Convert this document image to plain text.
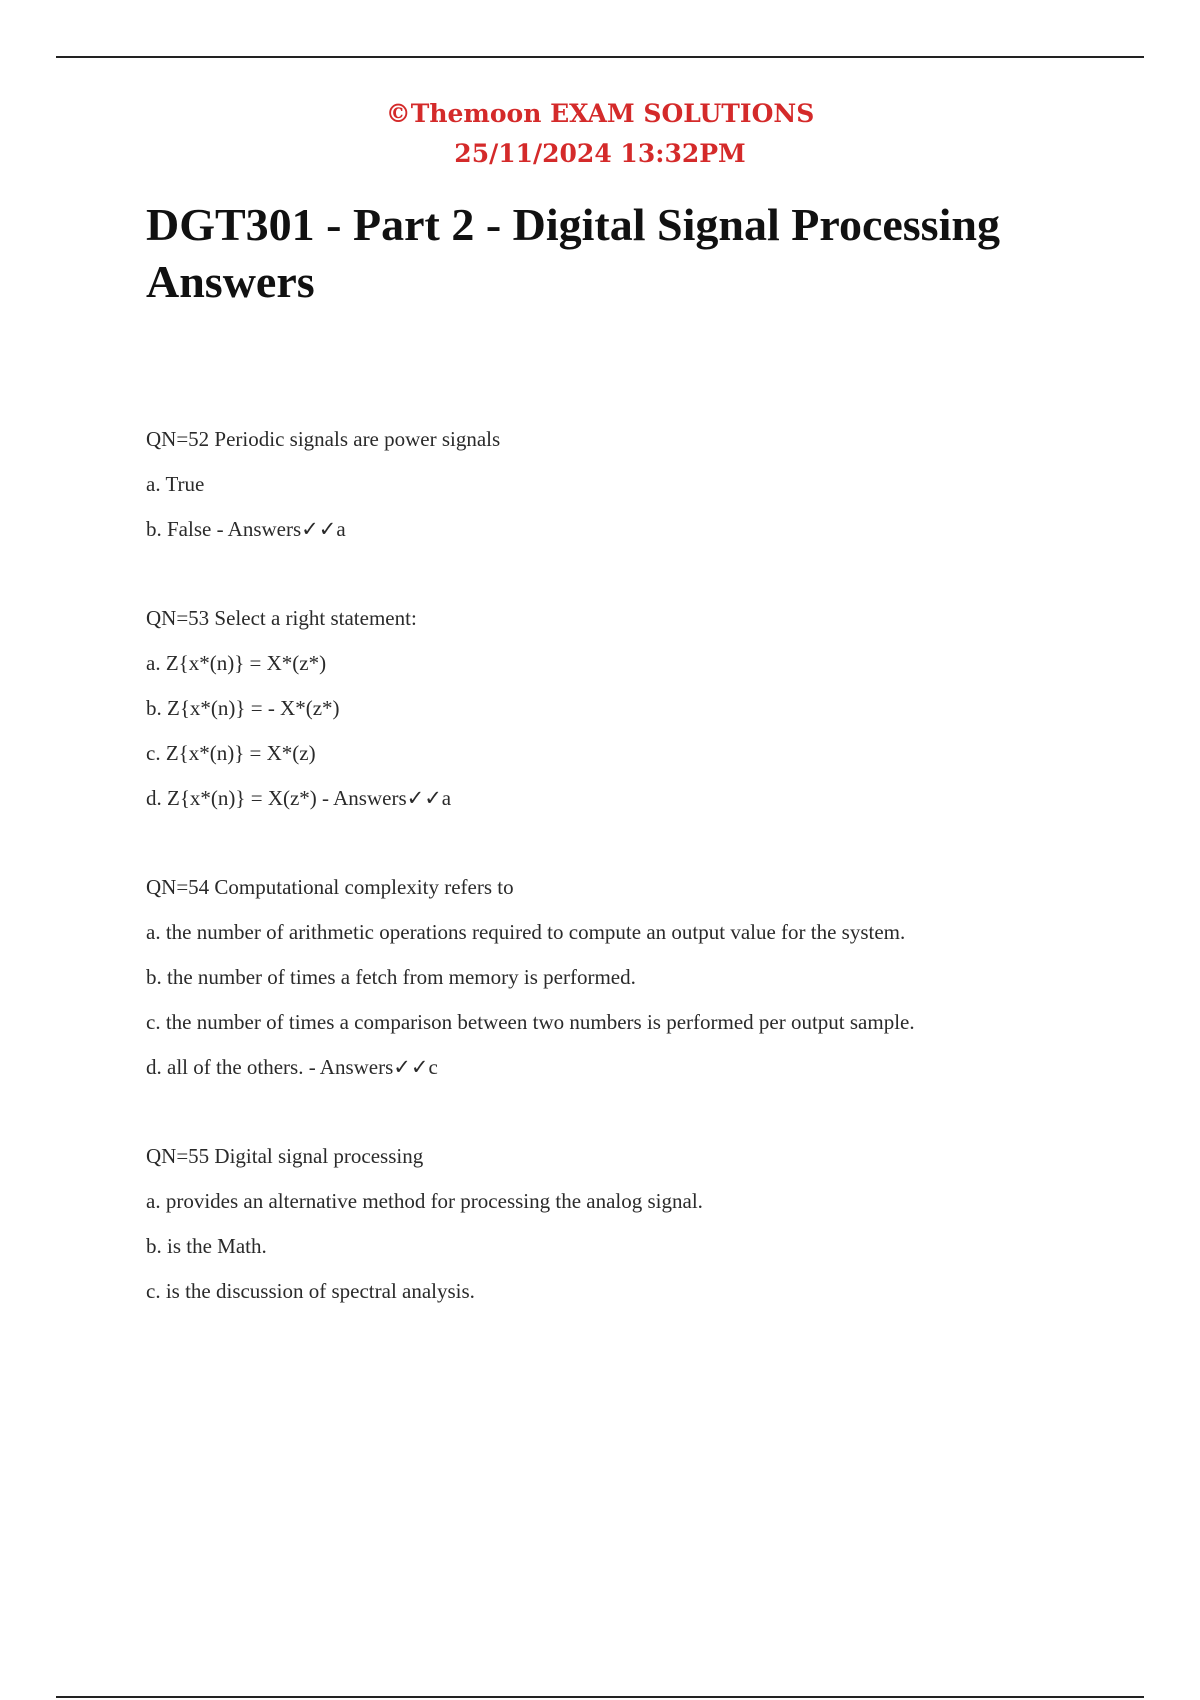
©Themoon EXAM SOLUTIONS
25/11/2024 13:32PM
DGT301 - Part 2 - Digital Signal Processing Answers

QN=52 Periodic signals are power signals

a. True

b. False - Answers✓✓a

QN=53 Select a right statement:

a. Z{x*(n)} = X*(z*)

b. Z{x*(n)} = - X*(z*)

c. Z{x*(n)} = X*(z)

d. Z{x*(n)} = X(z*) - Answers✓✓a

QN=54 Computational complexity refers to

a. the number of arithmetic operations required to compute an output value for the system.

b. the number of times a fetch from memory is performed.

c. the number of times a comparison between two numbers is performed per output sample.

d. all of the others. - Answers✓✓c

QN=55 Digital signal processing

a. provides an alternative method for processing the analog signal.

b. is the Math.

c. is the discussion of spectral analysis.
